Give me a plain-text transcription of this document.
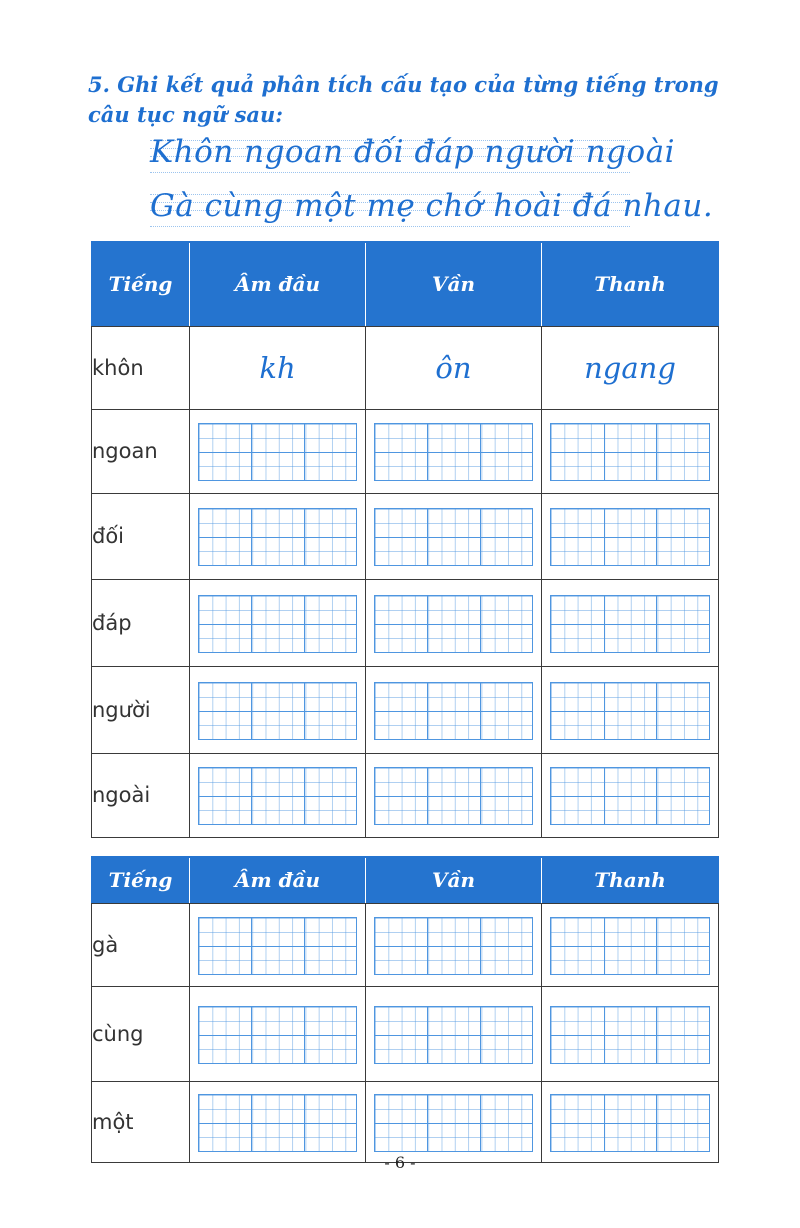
5. Ghi kết quả phân tích cấu tạo của từng tiếng trong câu tục ngữ sau:
Khôn ngoan đối đáp người ngoài
Gà cùng một mẹ chớ hoài đá nhau.
Tiếng	Âm đầu	Vần	Thanh
khôn	kh	ôn	ngang

ngoan	

đối	

đáp	

người	

ngoài	

Tiếng	Âm đầu	Vần	Thanh
gà	

cùng	

một	

- 6 -
